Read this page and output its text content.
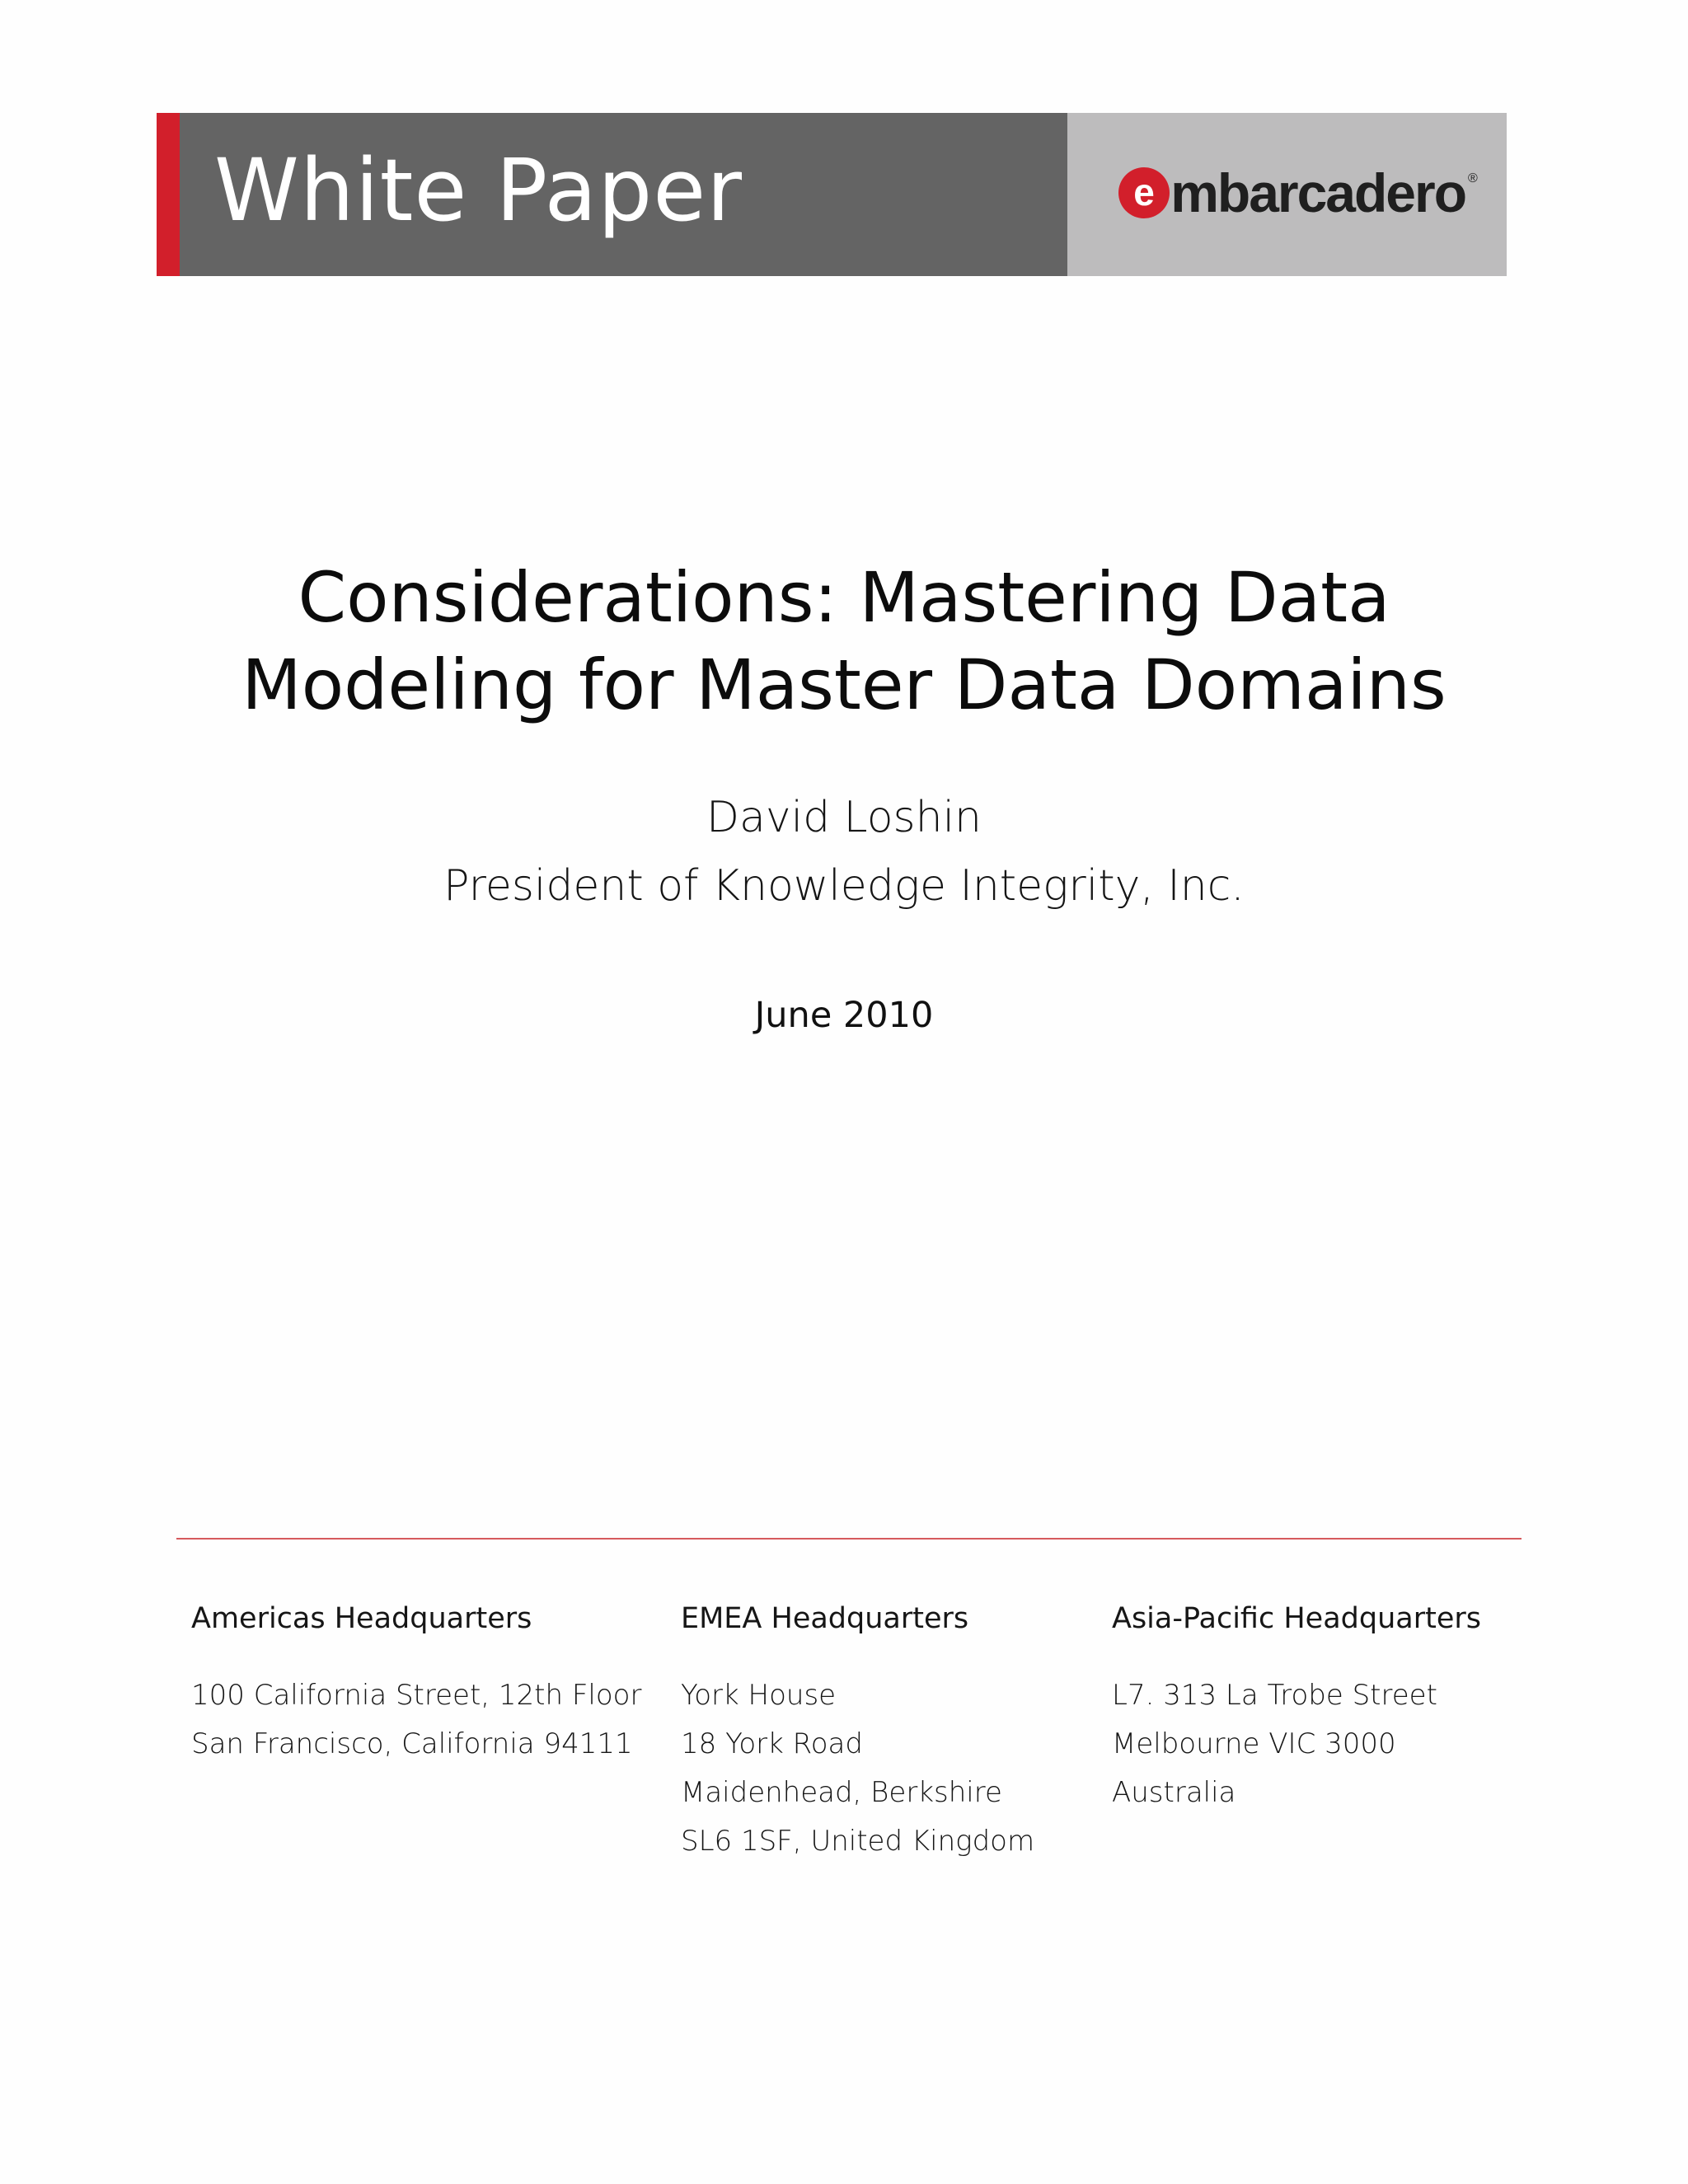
White Paper	e mbarcadero ®
Considerations: Mastering Data
Modeling for Master Data Domains
David Loshin
President of Knowledge Integrity, Inc.
June 2010
Americas Headquarters
100 California Street, 12th Floor
San Francisco, California 94111
EMEA Headquarters
York House
18 York Road
Maidenhead, Berkshire
SL6 1SF, United Kingdom
Asia-Pacific Headquarters
L7. 313 La Trobe Street
Melbourne VIC 3000
Australia
